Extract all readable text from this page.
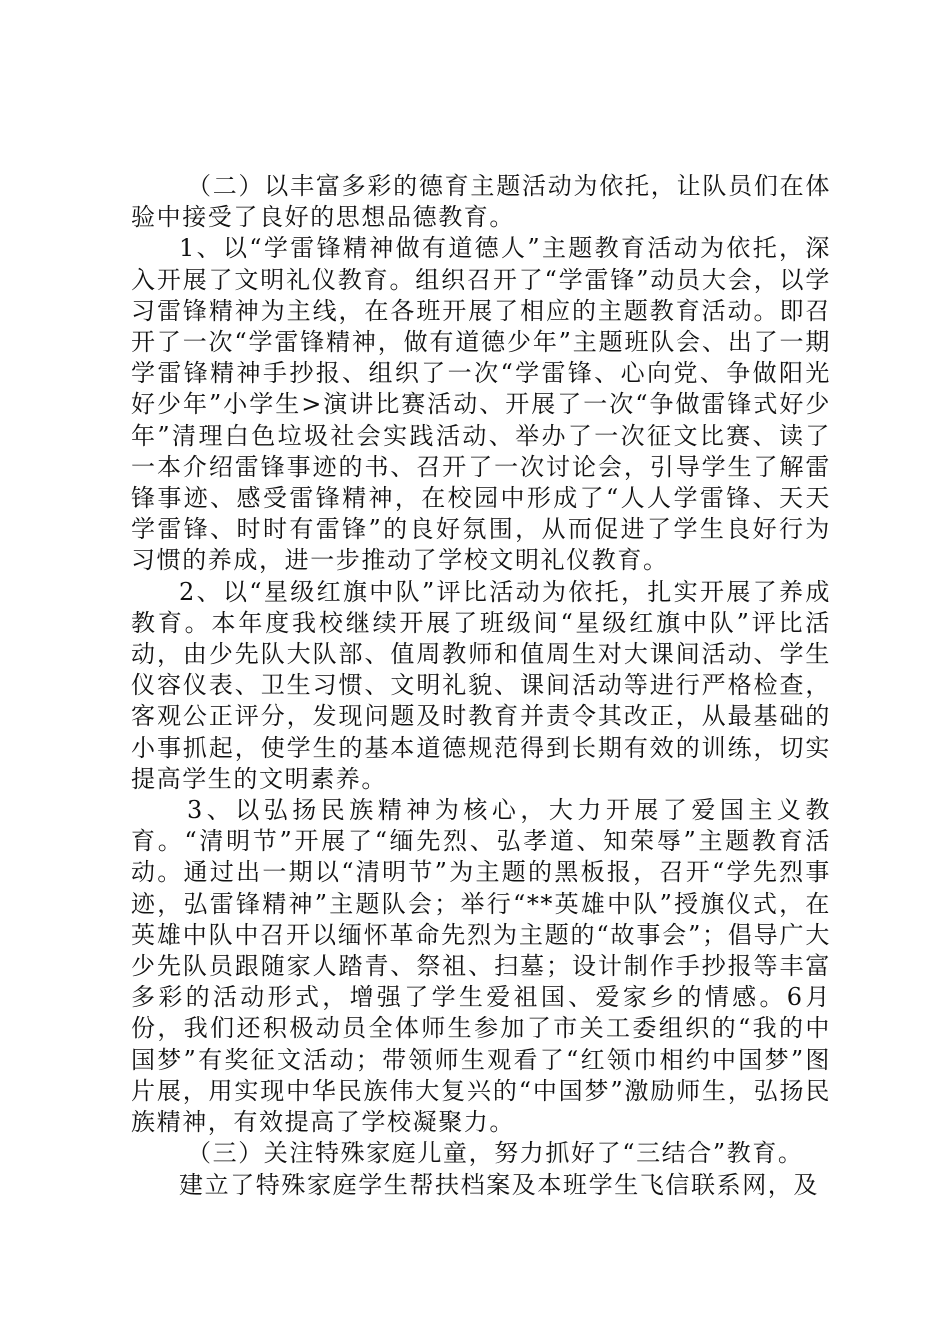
（二）以丰富多彩的德育主题活动为依托，让队员们在体验中接受了良好的思想品德教育。

1、以“学雷锋精神做有道德人”主题教育活动为依托，深入开展了文明礼仪教育。组织召开了“学雷锋”动员大会，以学习雷锋精神为主线，在各班开展了相应的主题教育活动。即召开了一次“学雷锋精神，做有道德少年”主题班队会、出了一期学雷锋精神手抄报、组织了一次“学雷锋、心向党、争做阳光好少年”小学生>演讲比赛活动、开展了一次“争做雷锋式好少年”清理白色垃圾社会实践活动、举办了一次征文比赛、读了一本介绍雷锋事迹的书、召开了一次讨论会，引导学生了解雷锋事迹、感受雷锋精神，在校园中形成了“人人学雷锋、天天学雷锋、时时有雷锋”的良好氛围，从而促进了学生良好行为习惯的养成，进一步推动了学校文明礼仪教育。

2、以“星级红旗中队”评比活动为依托，扎实开展了养成教育。本年度我校继续开展了班级间“星级红旗中队”评比活动，由少先队大队部、值周教师和值周生对大课间活动、学生仪容仪表、卫生习惯、文明礼貌、课间活动等进行严格检查，客观公正评分，发现问题及时教育并责令其改正，从最基础的小事抓起，使学生的基本道德规范得到长期有效的训练，切实提高学生的文明素养。

3、以弘扬民族精神为核心，大力开展了爱国主义教育。“清明节”开展了“缅先烈、弘孝道、知荣辱”主题教育活动。通过出一期以“清明节”为主题的黑板报，召开“学先烈事迹，弘雷锋精神”主题队会；举行“**英雄中队”授旗仪式，在英雄中队中召开以缅怀革命先烈为主题的“故事会”；倡导广大少先队员跟随家人踏青、祭祖、扫墓；设计制作手抄报等丰富多彩的活动形式，增强了学生爱祖国、爱家乡的情感。6月份，我们还积极动员全体师生参加了市关工委组织的“我的中国梦”有奖征文活动；带领师生观看了“红领巾相约中国梦”图片展，用实现中华民族伟大复兴的“中国梦”激励师生，弘扬民族精神，有效提高了学校凝聚力。

（三）关注特殊家庭儿童，努力抓好了“三结合”教育。

建立了特殊家庭学生帮扶档案及本班学生飞信联系网，及
